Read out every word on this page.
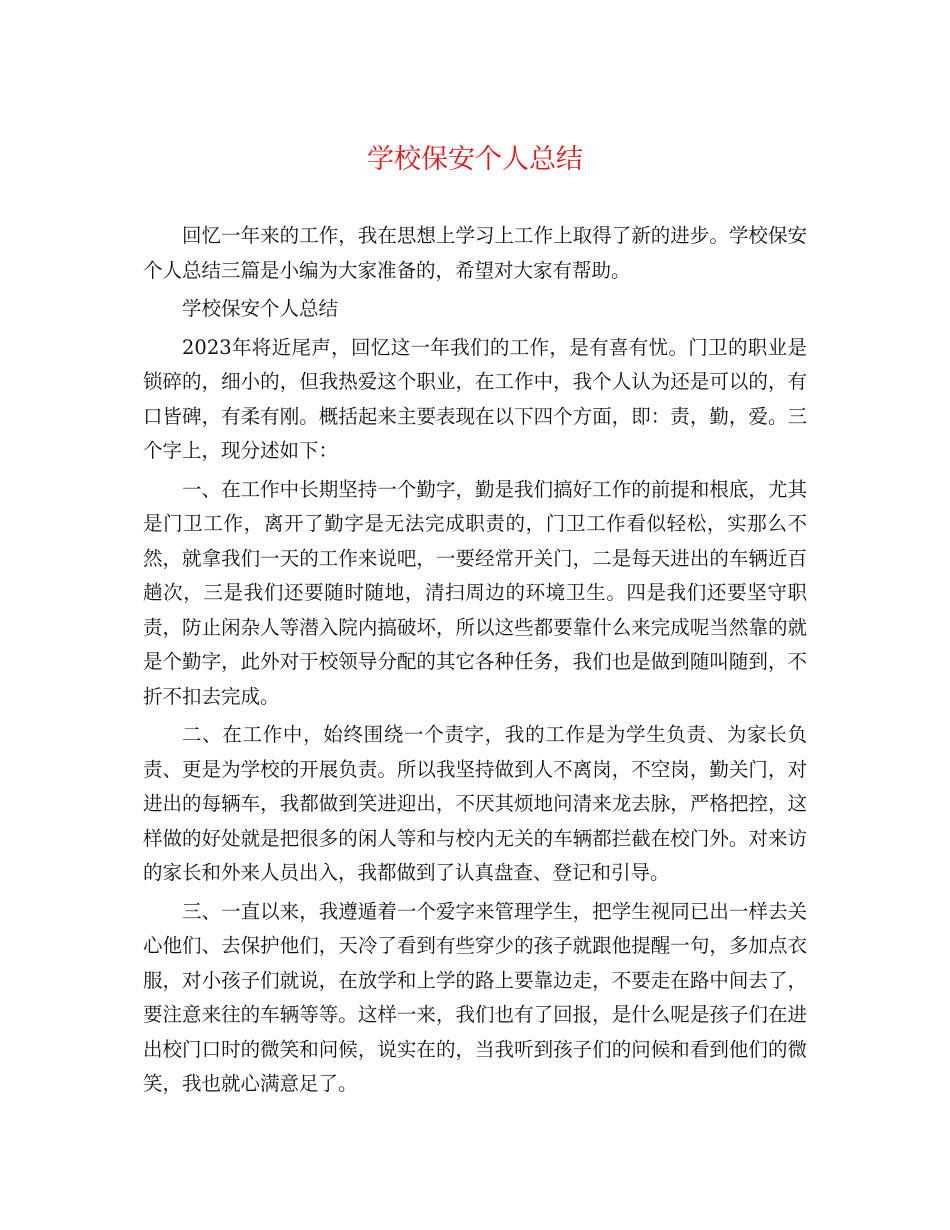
学校保安个人总结

回忆一年来的工作，我在思想上学习上工作上取得了新的进步。学校保安个人总结三篇是小编为大家准备的，希望对大家有帮助。

学校保安个人总结

2023年将近尾声，回忆这一年我们的工作，是有喜有忧。门卫的职业是锁碎的，细小的，但我热爱这个职业，在工作中，我个人认为还是可以的，有口皆碑，有柔有刚。概括起来主要表现在以下四个方面，即：责，勤，爱。三个字上，现分述如下：

一、在工作中长期坚持一个勤字，勤是我们搞好工作的前提和根底，尤其是门卫工作，离开了勤字是无法完成职责的，门卫工作看似轻松，实那么不然，就拿我们一天的工作来说吧，一要经常开关门，二是每天进出的车辆近百趟次，三是我们还要随时随地，清扫周边的环境卫生。四是我们还要坚守职责，防止闲杂人等潜入院内搞破坏，所以这些都要靠什么来完成呢当然靠的就是个勤字，此外对于校领导分配的其它各种任务，我们也是做到随叫随到，不折不扣去完成。

二、在工作中，始终围绕一个责字，我的工作是为学生负责、为家长负责、更是为学校的开展负责。所以我坚持做到人不离岗，不空岗，勤关门，对进出的每辆车，我都做到笑进迎出，不厌其烦地问清来龙去脉，严格把控，这样做的好处就是把很多的闲人等和与校内无关的车辆都拦截在校门外。对来访的家长和外来人员出入，我都做到了认真盘查、登记和引导。

三、一直以来，我遵遁着一个爱字来管理学生，把学生视同已出一样去关心他们、去保护他们，天冷了看到有些穿少的孩子就跟他提醒一句，多加点衣服，对小孩子们就说，在放学和上学的路上要靠边走，不要走在路中间去了，要注意来往的车辆等等。这样一来，我们也有了回报，是什么呢是孩子们在进出校门口时的微笑和问候，说实在的，当我听到孩子们的问候和看到他们的微笑，我也就心满意足了。
